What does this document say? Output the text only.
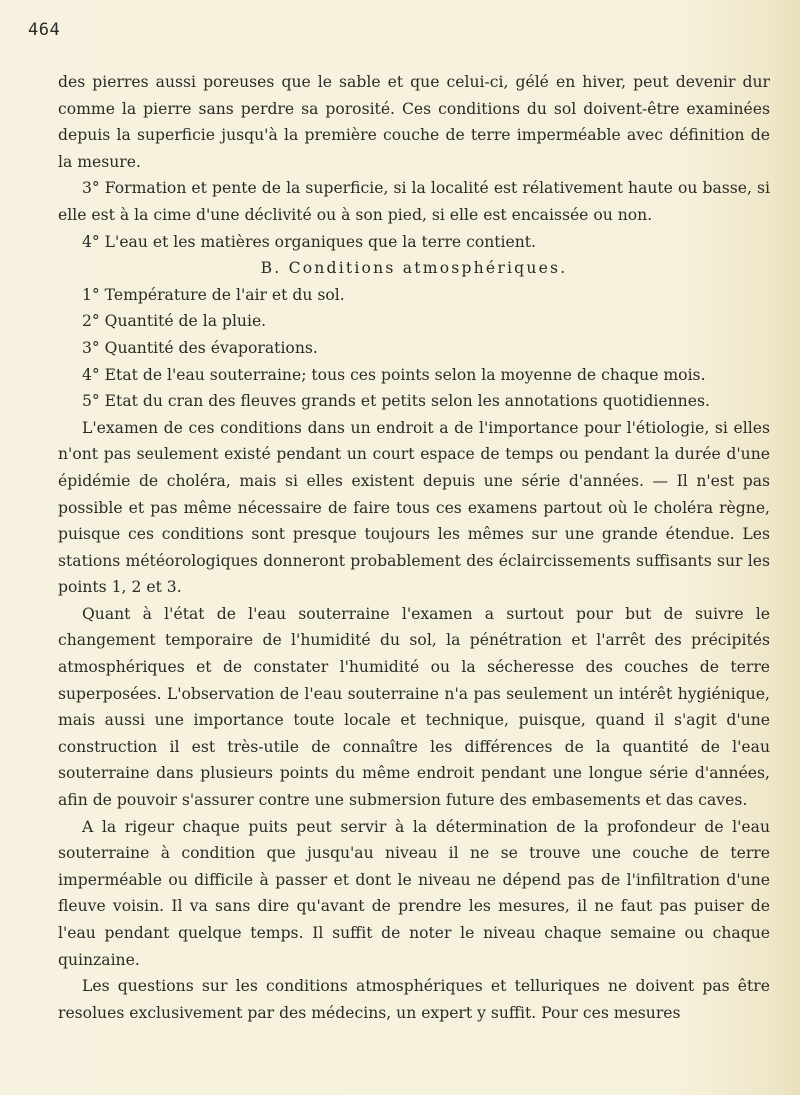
464

des pierres aussi poreuses que le sable et que celui-ci, gélé en hiver, peut devenir dur comme la pierre sans perdre sa porosité. Ces conditions du sol doivent-être examinées depuis la superficie jusqu'à la première couche de terre imperméable avec définition de la mesure.

3° Formation et pente de la superficie, si la localité est rélativement haute ou basse, si elle est à la cime d'une déclivité ou à son pied, si elle est encaissée ou non.

4° L'eau et les matières organiques que la terre contient.

B. Conditions atmosphériques.

1° Température de l'air et du sol.

2° Quantité de la pluie.

3° Quantité des évaporations.

4° Etat de l'eau souterraine; tous ces points selon la moyenne de chaque mois.

5° Etat du cran des fleuves grands et petits selon les annotations quotidiennes.

L'examen de ces conditions dans un endroit a de l'importance pour l'étiologie, si elles n'ont pas seulement existé pendant un court espace de temps ou pendant la durée d'une épidémie de choléra, mais si elles existent depuis une série d'années. — Il n'est pas possible et pas même nécessaire de faire tous ces examens partout où le choléra règne, puisque ces conditions sont presque toujours les mêmes sur une grande étendue. Les stations météorologiques donneront probablement des éclaircissements suffisants sur les points 1, 2 et 3.

Quant à l'état de l'eau souterraine l'examen a surtout pour but de suivre le changement temporaire de l'humidité du sol, la pénétration et l'arrêt des précipités atmosphériques et de constater l'humidité ou la sécheresse des couches de terre superposées. L'observation de l'eau souterraine n'a pas seulement un intérêt hygiénique, mais aussi une importance toute locale et technique, puisque, quand il s'agit d'une construction il est très-utile de connaître les différences de la quantité de l'eau souterraine dans plusieurs points du même endroit pendant une longue série d'années, afin de pouvoir s'assurer contre une submersion future des embasements et das caves.

A la rigeur chaque puits peut servir à la détermination de la profondeur de l'eau souterraine à condition que jusqu'au niveau il ne se trouve une couche de terre imperméable ou difficile à passer et dont le niveau ne dépend pas de l'infiltration d'une fleuve voisin. Il va sans dire qu'avant de prendre les mesures, il ne faut pas puiser de l'eau pendant quelque temps. Il suffit de noter le niveau chaque semaine ou chaque quinzaine.

Les questions sur les conditions atmosphériques et telluriques ne doivent pas être resolues exclusivement par des médecins, un expert y suffit. Pour ces mesures
